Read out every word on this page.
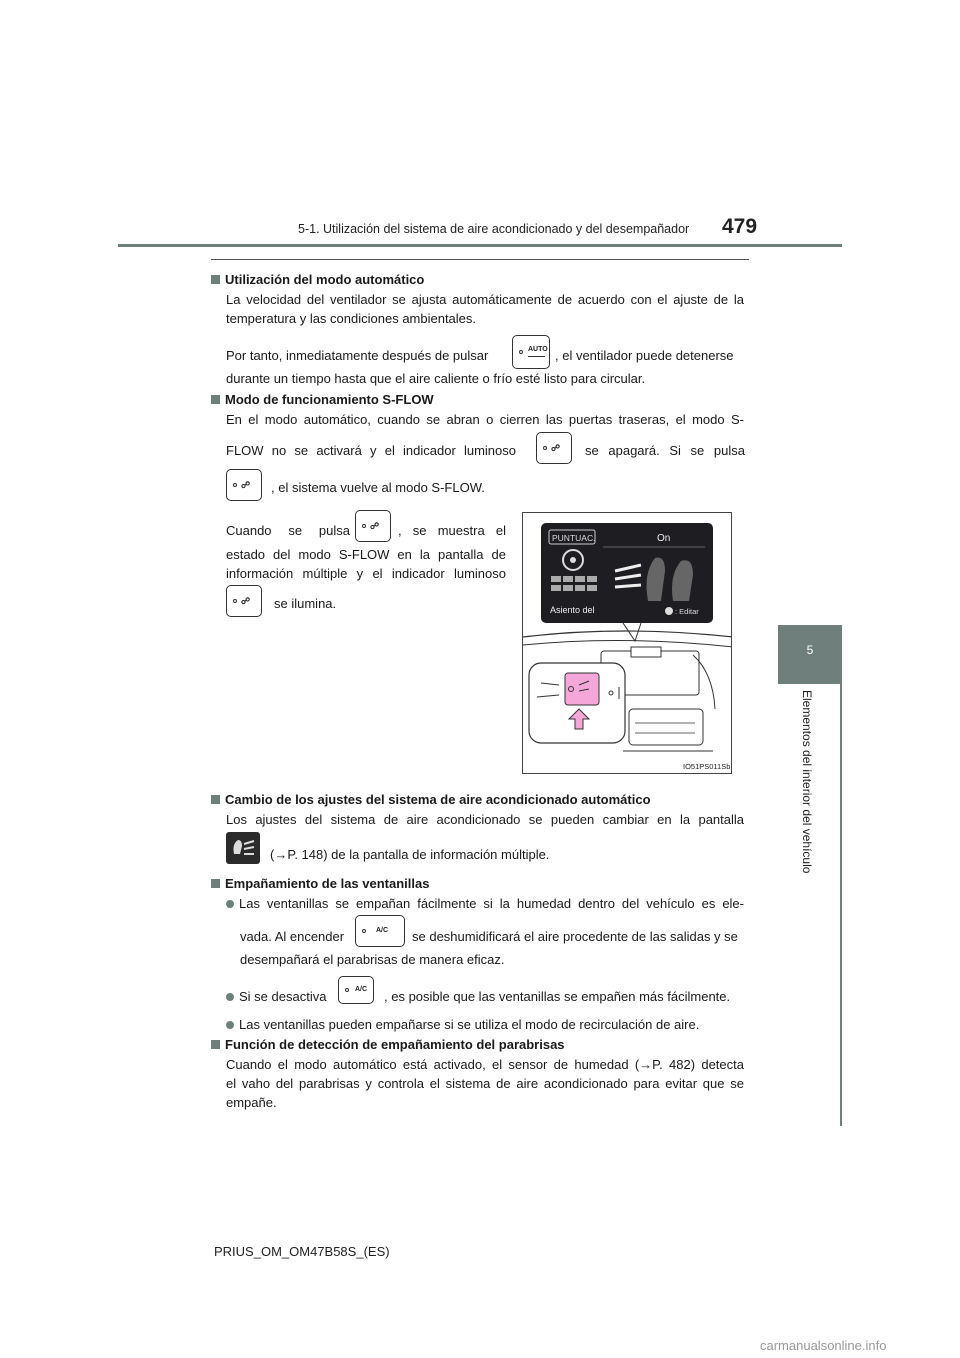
5-1. Utilización del sistema de aire acondicionado y del desempañador 479
5
Elementos del interior del vehículo
Utilización del modo automático
La velocidad del ventilador se ajusta automáticamente de acuerdo con el ajuste de la
temperatura y las condiciones ambientales.
Por tanto, inmediatamente después de pulsar	AUTO , el ventilador puede detenerse
durante un tiempo hasta que el aire caliente o frío esté listo para circular.
Modo de funcionamiento S-FLOW
En el modo automático, cuando se abran o cierren las puertas traseras, el modo S-
FLOW no se activará y el indicador luminoso	☍ se apagará. Si se pulsa
☍ , el sistema vuelve al modo S-FLOW.
Cuando se pulsa ☍ , se muestra el
estado del modo S-FLOW en la pantalla de
información múltiple y el indicador luminoso
☍ se ilumina.
PUNTUAC.	On
Asiento del	: Editar
IO51PS011Sb
Cambio de los ajustes del sistema de aire acondicionado automático
Los ajustes del sistema de aire acondicionado se pueden cambiar en la pantalla
(→P. 148) de la pantalla de información múltiple.
Empañamiento de las ventanillas
Las ventanillas se empañan fácilmente si la humedad dentro del vehículo es ele-
vada. Al encender	A/C se deshumidificará el aire procedente de las salidas y se
desempañará el parabrisas de manera eficaz.
Si se desactiva	A/C , es posible que las ventanillas se empañen más fácilmente.
Las ventanillas pueden empañarse si se utiliza el modo de recirculación de aire.
Función de detección de empañamiento del parabrisas
Cuando el modo automático está activado, el sensor de humedad (→P. 482) detecta
el vaho del parabrisas y controla el sistema de aire acondicionado para evitar que se
empañe.
PRIUS_OM_OM47B58S_(ES)
carmanualsonline.info
